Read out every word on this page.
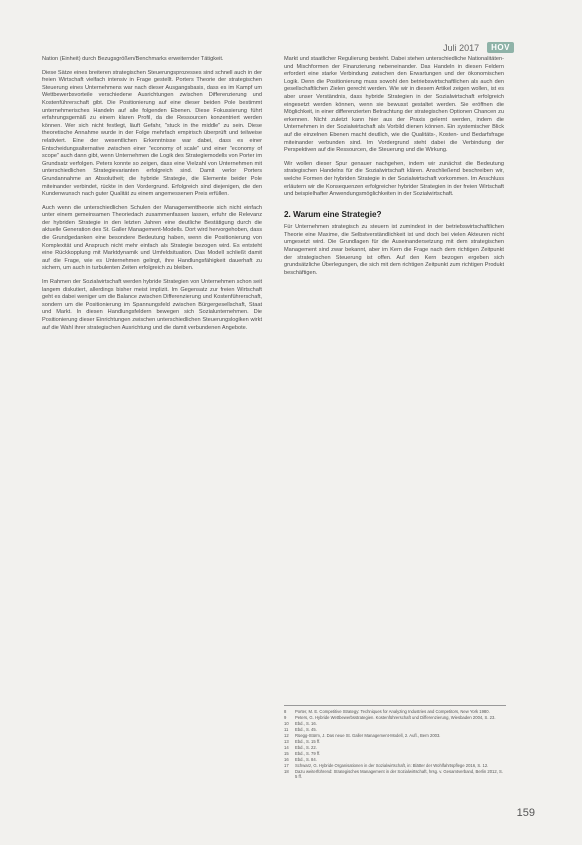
Juli 2017	HOV

Nation (Einheit) durch Bezugsgrößen/Benchmarks erweiternder Tätigkeit.

Diese Sätze eines breiteren strategischen Steuerungsprozesses sind schnell auch in der freien Wirtschaft vielfach intensiv in Frage gestellt. Porters Theorie der strategischen Steuerung eines Unternehmens war nach dieser Ausgangsbasis, dass es im Kampf um Wettbewerbsvorteile verschiedene Ausrichtungen zwischen Differenzierung und Kostenführerschaft gibt. Die Positionierung auf eine dieser beiden Pole bestimmt unternehmerisches Handeln auf alle folgenden Ebenen. Diese Fokussierung führt erfahrungsgemäß zu einem klaren Profil, da die Ressourcen konzentriert werden können. Wer sich nicht festlegt, läuft Gefahr, "stuck in the middle" zu sein. Diese theoretische Annahme wurde in der Folge mehrfach empirisch überprüft und teilweise relativiert. Eine der wesentlichen Erkenntnisse war dabei, dass es einer Entscheidungsalternative zwischen einer "economy of scale" und einer "economy of scope" auch dann gibt, wenn Unternehmen die Logik des Strategiemodells von Porter im Grundsatz verfolgen. Peters konnte so zeigen, dass eine Vielzahl von Unternehmen mit unterschiedlichen Strategievarianten erfolgreich sind. Damit verlor Porters Grundannahme an Absolutheit; die hybride Strategie, die Elemente beider Pole miteinander verbindet, rückte in den Vordergrund. Erfolgreich sind diejenigen, die den Kundenwunsch nach guter Qualität zu einem angemessenen Preis erfüllen.

Auch wenn die unterschiedlichen Schulen der Managementtheorie sich nicht einfach unter einem gemeinsamen Theoriedach zusammenfassen lassen, erfuhr die Relevanz der hybriden Strategie in den letzten Jahren eine deutliche Bestätigung durch die aktuelle Generation des St. Galler Management-Modells. Dort wird hervorgehoben, dass die Grundgedanken eine besondere Bedeutung haben, wenn die Positionierung von Komplexität und Anspruch nicht mehr einfach als Strategie bezogen wird. Es entsteht eine Rückkopplung mit Marktdynamik und Umfeldsituation. Das Modell schließt damit auf die Frage, wie es Unternehmen gelingt, ihre Handlungsfähigkeit dauerhaft zu sichern, um auch in turbulenten Zeiten erfolgreich zu bleiben.

Im Rahmen der Sozialwirtschaft werden hybride Strategien von Unternehmen schon seit langem diskutiert, allerdings bisher meist implizit. Im Gegensatz zur freien Wirtschaft geht es dabei weniger um die Balance zwischen Differenzierung und Kostenführerschaft, sondern um die Positionierung im Spannungsfeld zwischen Bürgergesellschaft, Staat und Markt. In diesen Handlungsfeldern bewegen sich Sozialunternehmen. Die Positionierung dieser Einrichtungen zwischen unterschiedlichen Steuerungslogiken wirkt auf die Wahl ihrer strategischen Ausrichtung und die damit verbundenen Angebote.

Markt und staatlicher Regulierung besteht. Dabei stehen unterschiedliche Nationalitäten- und Mischformen der Finanzierung nebeneinander. Das Handeln in diesen Feldern erfordert eine starke Verbindung zwischen den Erwartungen und der ökonomischen Logik. Denn die Positionierung muss sowohl den betriebswirtschaftlichen als auch den gesellschaftlichen Zielen gerecht werden. Wie wir in diesem Artikel zeigen wollen, ist es aber unser Verständnis, dass hybride Strategien in der Sozialwirtschaft erfolgreich eingesetzt werden können, wenn sie bewusst gestaltet werden. Sie eröffnen die Möglichkeit, in einer differenzierten Betrachtung der strategischen Optionen Chancen zu erkennen. Nicht zuletzt kann hier aus der Praxis gelernt werden, indem die Unternehmen in der Sozialwirtschaft als Vorbild dienen können. Ein systemischer Blick auf die einzelnen Ebenen macht deutlich, wie die Qualitäts-, Kosten- und Bedarfsfrage miteinander verbunden sind. Im Vordergrund steht dabei die Verbindung der Perspektiven auf die Ressourcen, die Steuerung und die Wirkung.

Wir wollen dieser Spur genauer nachgehen, indem wir zunächst die Bedeutung strategischen Handelns für die Sozialwirtschaft klären. Anschließend beschreiben wir, welche Formen der hybriden Strategie in der Sozialwirtschaft vorkommen. Im Anschluss erläutern wir die Konsequenzen erfolgreicher hybrider Strategien in der freien Wirtschaft und beispielhafter Anwendungsmöglichkeiten in der Sozialwirtschaft.

2. Warum eine Strategie?

Für Unternehmen strategisch zu steuern ist zumindest in der betriebswirtschaftlichen Theorie eine Maxime, die Selbstverständlichkeit ist und doch bei vielen Akteuren nicht umgesetzt wird. Die Grundlagen für die Auseinandersetzung mit dem strategischen Management sind zwar bekannt, aber im Kern die Frage nach dem richtigen Zeitpunkt der strategischen Steuerung ist offen. Auf den Kern bezogen ergeben sich grundsätzliche Überlegungen, die sich mit dem richtigen Zeitpunkt zum richtigen Produkt beschäftigen.

8	Porter, M. E. Competitive Strategy: Techniques for Analyzing Industries and Competitors, New York 1980.
9	Peters, G. Hybride Wettbewerbsstrategien. Kostenführerschaft und Differenzierung, Wiesbaden 2004, S. 23.
10	Ebd., S. 16.
11	Ebd., S. 45.
12	Rüegg-Stürm, J. Das neue St. Galler Management-Modell, 2. Aufl., Bern 2003.
13	Ebd., S. 15 ff.
14	Ebd., S. 22.
15	Ebd., S. 79 ff.
16	Ebd., S. 84.
17	Schwarz, G. Hybride Organisationen in der Sozialwirtschaft, in: Blätter der Wohlfahrtspflege 2016, S. 12.
18	Dazu weiterführend: Strategisches Management in der Sozialwirtschaft, hrsg. v. Gesamtverband, Berlin 2012, S. 5 ff.
159
